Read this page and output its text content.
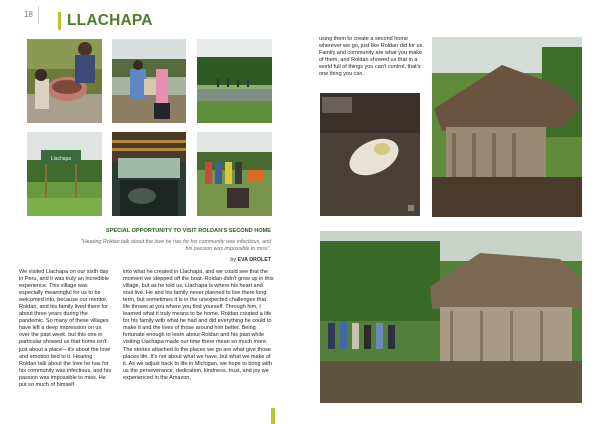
18 LLACHAPA
Llachapa
SPECIAL OPPORTUNITY TO VISIT ROLDAN'S SECOND HOME
"Hearing Roldan talk about the love he has for his community was infectious, and his passion was impossible to miss".
by EVA DROLET
We visited Llachapa on our sixth day in Peru, and it was truly an incredible experience. This village was especially meaningful for us to be welcomed into, because our mentor, Roldan, and his family lived there for about three years during the pandemic. So many of these villages have left a deep impression on us over the past week, but this one in particular showed us that home isn't just about a place—it's about the love and emotion tied to it. Hearing Roldan talk about the love he has for his community was infectious, and his passion was impossible to miss. He put so much of himself
into what he created in Llachapa, and we could see that the moment we stepped off the boat. Roldan didn't grow up in this village, but as he told us, Llachapa is where his heart and soul live. He and his family never planned to live there long term, but sometimes it is in the unexpected challenges that life throws at you where you find yourself. Through him, I learned what it truly means to be home. Roldan created a life for his family with what he had and did everything he could to make it and the lives of those around him better. Being fortunate enough to learn about Roldan and his past while visiting Llachapa made our time there mean so much more. The stories attached to the places we go are what give those places life. It's not about what we have, but what we make of it. As we adjust back to life in Michigan, we hope to bring with us the perseverance, dedication, kindness, trust, and joy we experienced in the Amazon,
using them to create a second home wherever we go, just like Roldan did for us. Family and community are what you make of them, and Roldan showed us that in a world full of things you can't control, that's one thing you can.
